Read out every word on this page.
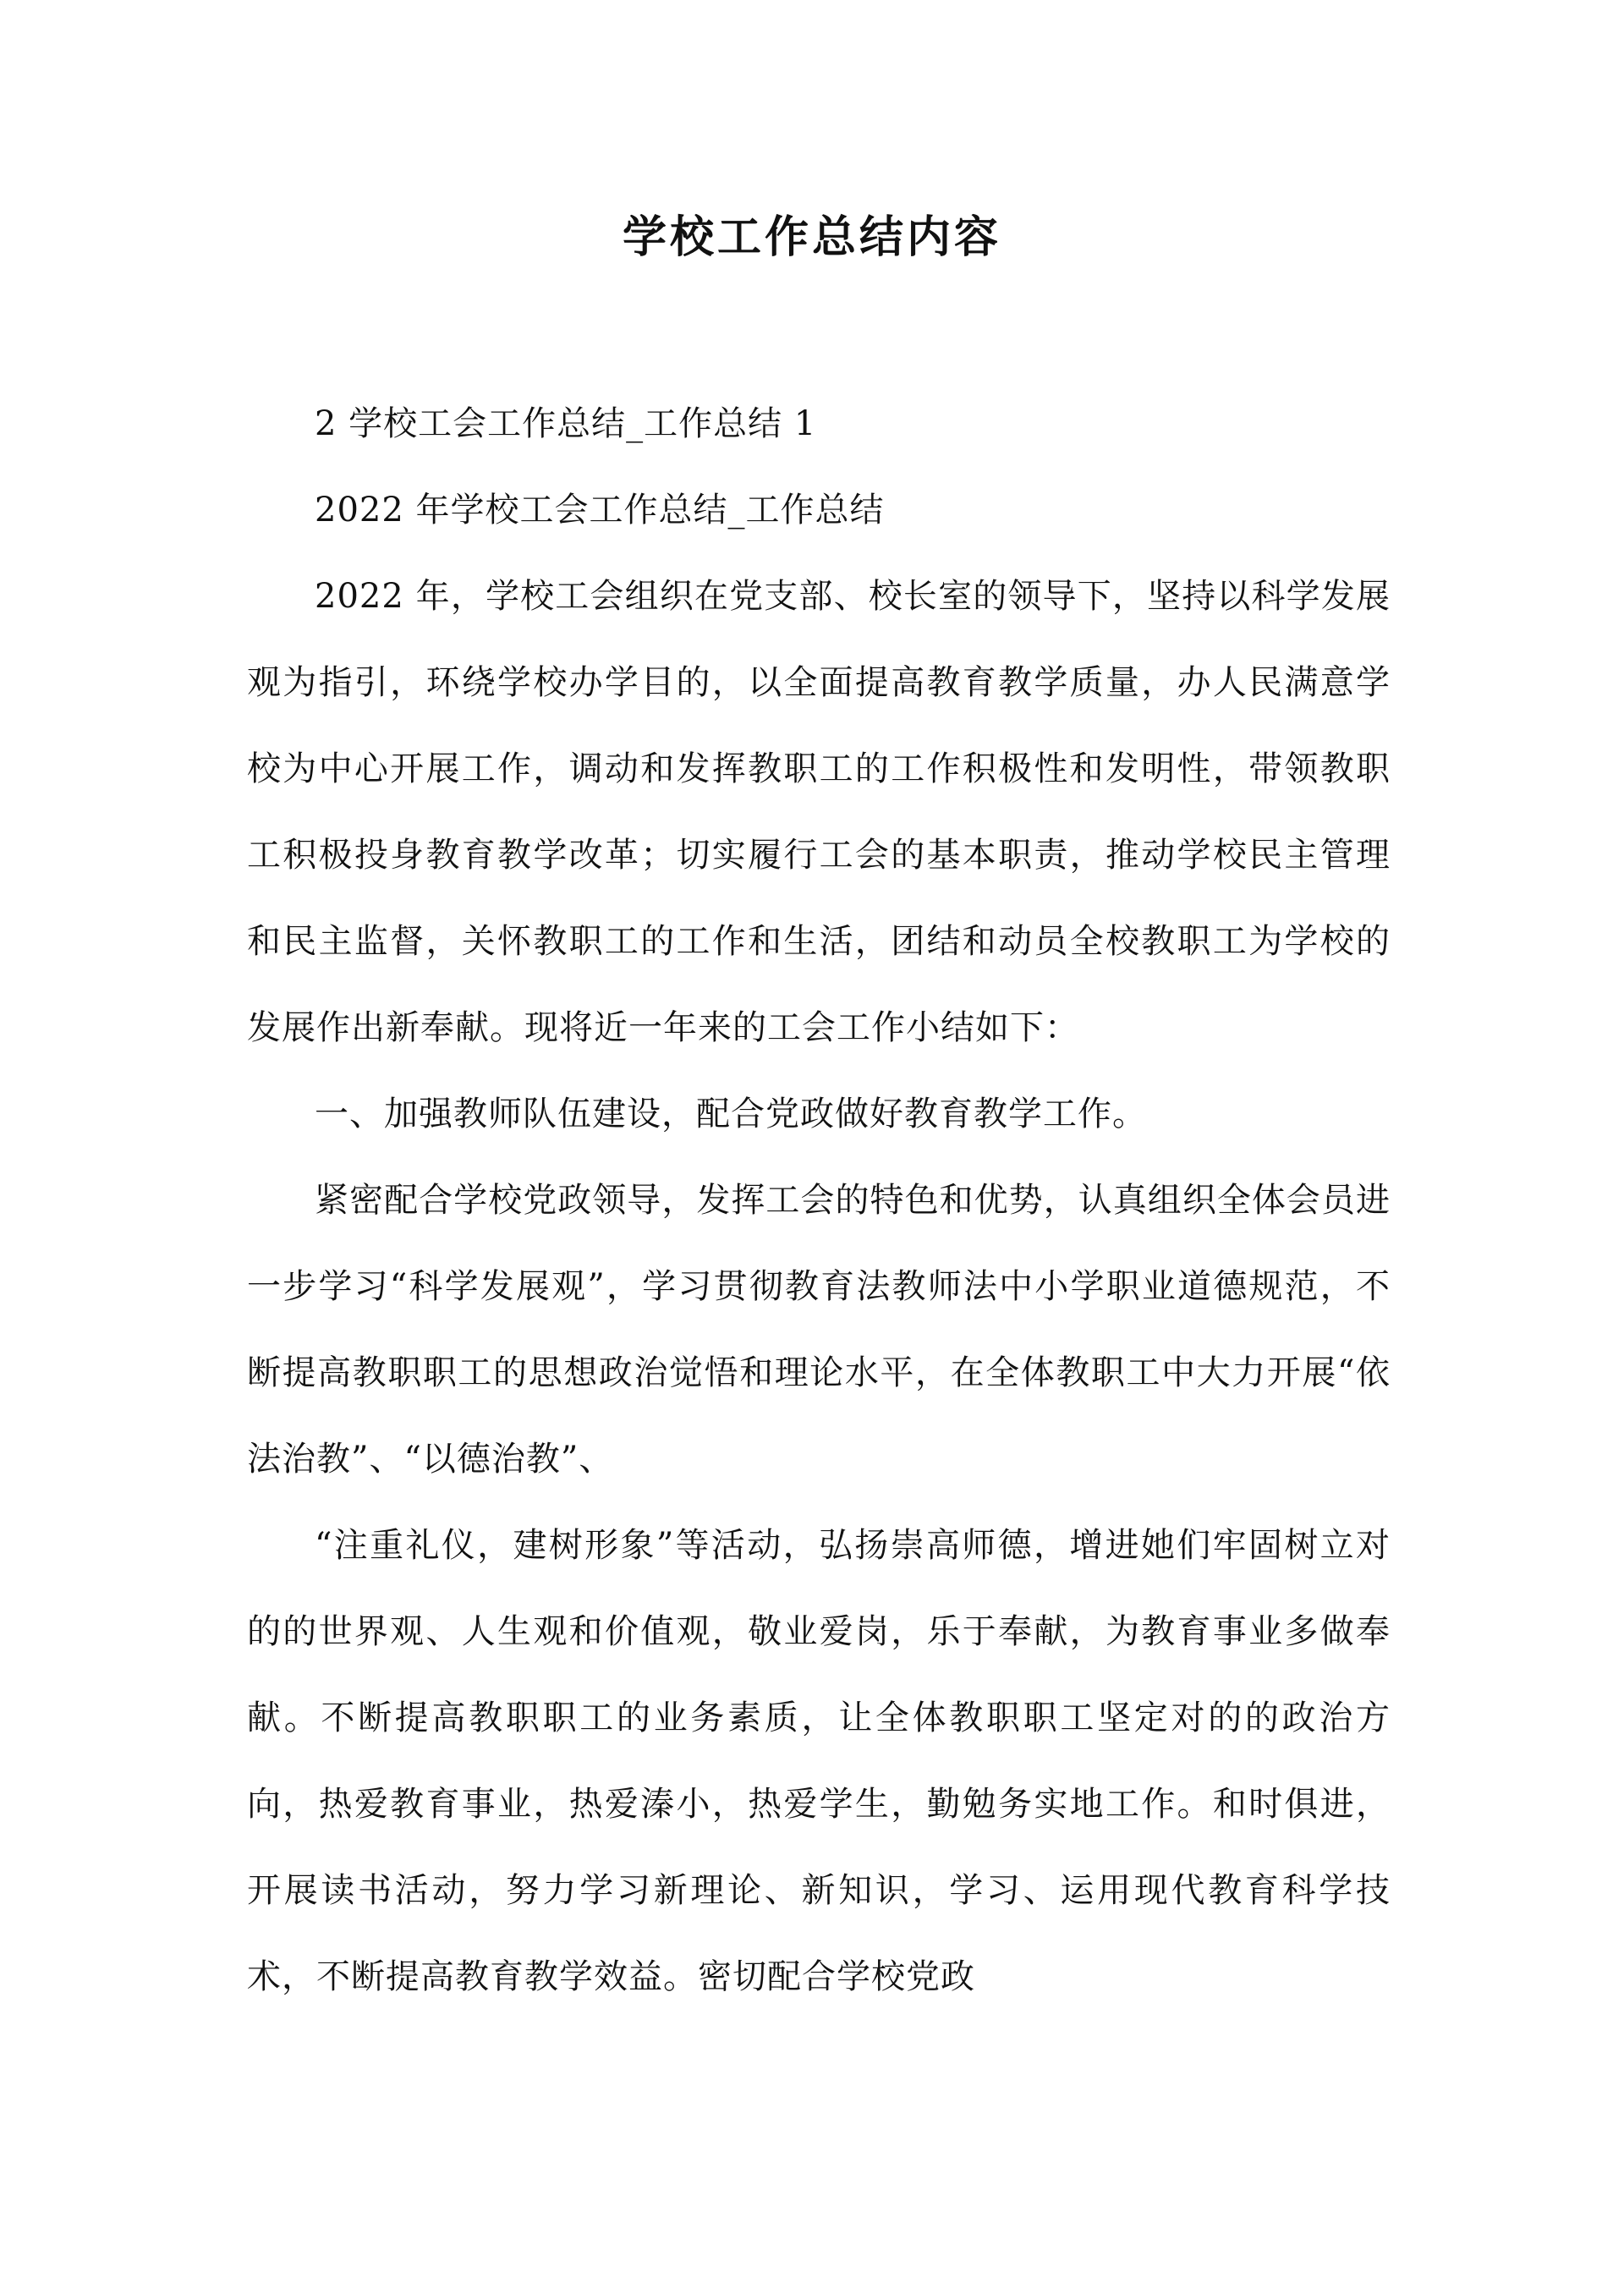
学校工作总结内容

2 学校工会工作总结_工作总结 1

2022 年学校工会工作总结_工作总结

2022 年，学校工会组织在党支部、校长室的领导下，坚持以科学发展观为指引，环绕学校办学目的，以全面提高教育教学质量，办人民满意学校为中心开展工作，调动和发挥教职工的工作积极性和发明性，带领教职工积极投身教育教学改革；切实履行工会的基本职责，推动学校民主管理和民主监督，关怀教职工的工作和生活，团结和动员全校教职工为学校的发展作出新奉献。现将近一年来的工会工作小结如下：

一、加强教师队伍建设，配合党政做好教育教学工作。

紧密配合学校党政领导，发挥工会的特色和优势，认真组织全体会员进一步学习“科学发展观”，学习贯彻教育法教师法中小学职业道德规范，不断提高教职职工的思想政治觉悟和理论水平，在全体教职工中大力开展“依法治教”、“以德治教”、

“注重礼仪，建树形象”等活动，弘扬崇高师德，增进她们牢固树立对的的世界观、人生观和价值观，敬业爱岗，乐于奉献，为教育事业多做奉献。不断提高教职职工的业务素质，让全体教职职工坚定对的的政治方向，热爱教育事业，热爱溱小，热爱学生，勤勉务实地工作。和时俱进，开展读书活动，努力学习新理论、新知识，学习、运用现代教育科学技术，不断提高教育教学效益。密切配合学校党政
